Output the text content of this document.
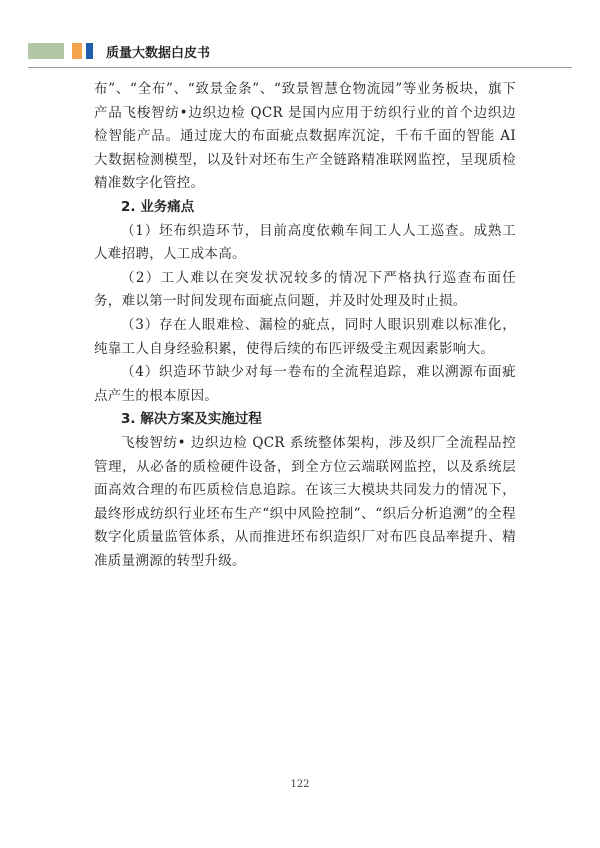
质量大数据白皮书

布”、“全布”、“致景金条”、“致景智慧仓物流园”等业务板块，旗下产品飞梭智纺•边织边检 QCR 是国内应用于纺织行业的首个边织边检智能产品。通过庞大的布面疵点数据库沉淀，千布千面的智能 AI 大数据检测模型，以及针对坯布生产全链路精准联网监控，呈现质检精准数字化管控。

2. 业务痛点

（1）坯布织造环节，目前高度依赖车间工人人工巡查。成熟工人难招聘，人工成本高。

（2）工人难以在突发状况较多的情况下严格执行巡查布面任务，难以第一时间发现布面疵点问题，并及时处理及时止损。

（3）存在人眼难检、漏检的疵点，同时人眼识别难以标准化，纯靠工人自身经验积累，使得后续的布匹评级受主观因素影响大。

（4）织造环节缺少对每一卷布的全流程追踪，难以溯源布面疵点产生的根本原因。

3. 解决方案及实施过程

飞梭智纺• 边织边检 QCR 系统整体架构，涉及织厂全流程品控管理，从必备的质检硬件设备，到全方位云端联网监控，以及系统层面高效合理的布匹质检信息追踪。在该三大模块共同发力的情况下，最终形成纺织行业坯布生产“织中风险控制”、“织后分析追溯”的全程数字化质量监管体系，从而推进坯布织造织厂对布匹良品率提升、精准质量溯源的转型升级。

122
